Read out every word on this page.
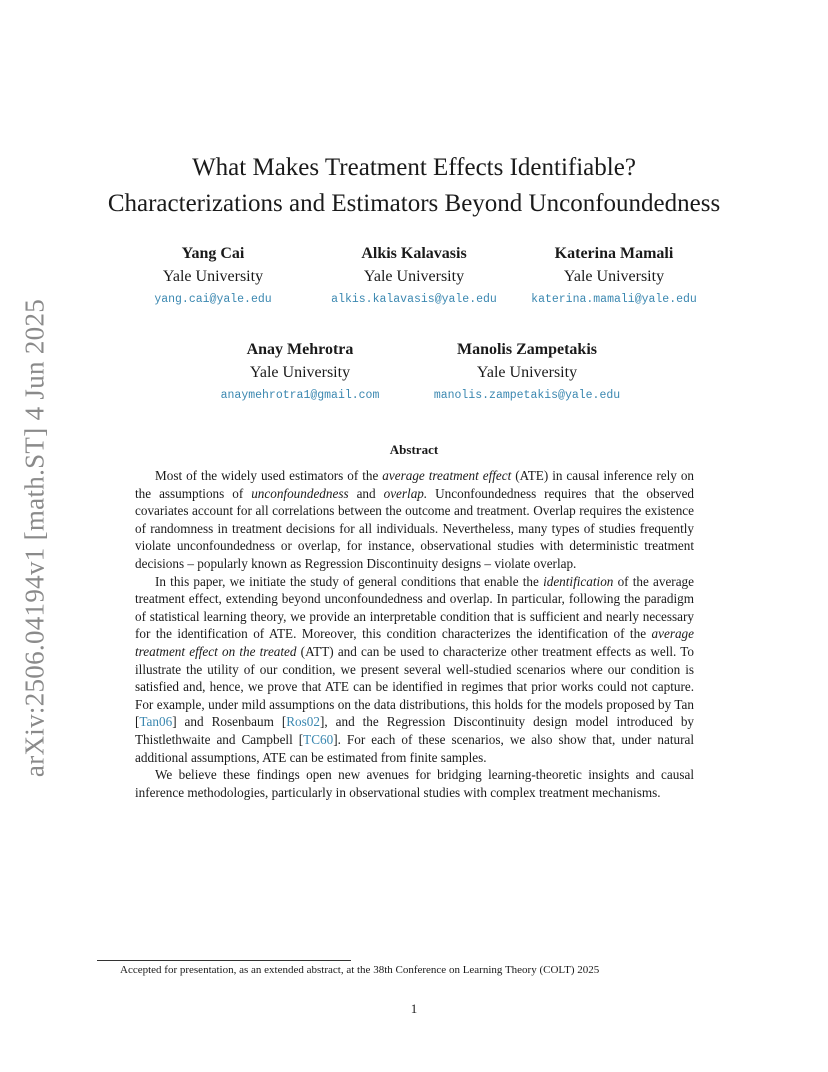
arXiv:2506.04194v1 [math.ST] 4 Jun 2025
What Makes Treatment Effects Identifiable?
Characterizations and Estimators Beyond Unconfoundedness
Yang Cai
Yale University
yang.cai@yale.edu
Alkis Kalavasis
Yale University
alkis.kalavasis@yale.edu
Katerina Mamali
Yale University
katerina.mamali@yale.edu
Anay Mehrotra
Yale University
anaymehrotra1@gmail.com
Manolis Zampetakis
Yale University
manolis.zampetakis@yale.edu
Abstract

Most of the widely used estimators of the average treatment effect (ATE) in causal inference rely on the assumptions of unconfoundedness and overlap. Unconfoundedness requires that the observed covariates account for all correlations between the outcome and treatment. Overlap requires the existence of randomness in treatment decisions for all individuals. Nevertheless, many types of studies frequently violate unconfoundedness or overlap, for instance, observational studies with deterministic treatment decisions – popularly known as Regression Discontinuity designs – violate overlap.

In this paper, we initiate the study of general conditions that enable the identification of the average treatment effect, extending beyond unconfoundedness and overlap. In particular, following the paradigm of statistical learning theory, we provide an interpretable condition that is sufficient and nearly necessary for the identification of ATE. Moreover, this condition characterizes the identification of the average treatment effect on the treated (ATT) and can be used to characterize other treatment effects as well. To illustrate the utility of our condition, we present several well-studied scenarios where our condition is satisfied and, hence, we prove that ATE can be identified in regimes that prior works could not capture. For example, under mild assumptions on the data distributions, this holds for the models proposed by Tan [Tan06] and Rosenbaum [Ros02], and the Regression Discontinuity design model introduced by Thistlethwaite and Campbell [TC60]. For each of these scenarios, we also show that, under natural additional assumptions, ATE can be estimated from finite samples.

We believe these findings open new avenues for bridging learning-theoretic insights and causal inference methodologies, particularly in observational studies with complex treatment mechanisms.

Accepted for presentation, as an extended abstract, at the 38th Conference on Learning Theory (COLT) 2025
1
